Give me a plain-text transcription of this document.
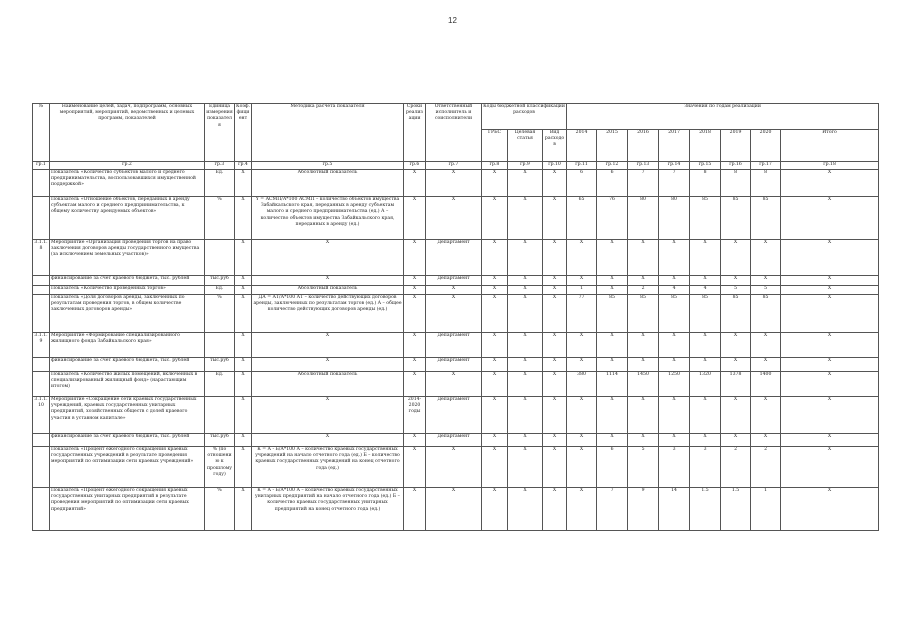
12
№	Наименование целей, задач, подпрограмм, основных мероприятий, мероприятий, ведомственных и целевых программ, показателей	Единица измерения показателя	Коэф. фициент	Методика расчета показателя	Сроки реализации	Ответственный исполнитель и соисполнители	Коды бюджетной классификации расходов			Значения по годам реализации							
							ГРБС	Целевая статья	Вид расходов	2014	2015	2016	2017	2018	2019	2020	Итого
гр.1	гр.2	гр.3	гр.4	гр.5	гр.6	гр.7	гр.8	гр.9	гр.10	гр.11	гр.12	гр.13	гр.14	гр.15	гр.16	гр.17	гр.18
	Показатель «Количество субъектов малого и среднего предпринимательства, воспользовавшихся имущественной поддержкой»	Ед.	X	Абсолютный показатель	X	X	X	X	X	6	6	7	7	8	8	8	X
	Показатель «Отношение объектов, переданных в аренду субъектам малого и среднего предпринимательства, к общему количеству арендуемых объектов»	%	X	Y = АСМП/А*100 АСМП – количество объектов имущества Забайкальского края, переданных в аренду субъектам малого и среднего предпринимательства (ед.) А – количество объектов имущества Забайкальского края, переданных в аренду (ед.)	X	X	X	X	X	65	76	80	80	85	85	85	X
3.1.1.8	Мероприятие «Организация проведения торгов на право заключения договоров аренды государственного имущества (за исключением земельных участков)»		X	X	X	Департамент	X	X	X	X	X	X	X	X	X	X	X
	финансирование за счет краевого бюджета, тыс. рублей	тыс.руб	X	X	X	Департамент	X	X	X	X	X	X	X	X	X	X	X
	Показатель «Количество проведенных торгов»	Ед.	X	Абсолютный показатель	X	X	X	X	X	1	X	2	4	4	5	5	X
	Показатель «Доля договоров аренды, заключенных по результатам проведения торгов, в общем количестве заключенных договоров аренды»	%	X	ДА = АТ/А*100 АТ – количество действующих договоров аренды, заключенных по результатам торгов (ед.) А – общее количество действующих договоров аренды (ед.)	X	X	X	X	X	77	85	85	85	85	85	85	X
3.1.1.9	Мероприятие «Формирование специализированного жилищного фонда Забайкальского края»		X	X	X	Департамент	X	X	X	X	X	X	X	X	X	X	X
	финансирование за счет краевого бюджета, тыс. рублей	тыс.руб	X	X	X	Департамент	X	X	X	X	X	X	X	X	X	X	X
	Показатель «Количество жилых помещений, включенных в специализированный жилищный фонд» (нарастающим итогом)	Ед.	X	Абсолютный показатель	X	X	X	X	X	380	1114	1450	1250	1320	1378	1400	X
3.1.1.10	Мероприятие «Сокращение сети краевых государственных учреждений, краевых государственных унитарных предприятий, хозяйственных обществ с долей краевого участия в уставном капитале»		X	X	2014-2020 годы	Департамент	X	X	X	X	X	X	X	X	X	X	X
	финансирование за счет краевого бюджета, тыс. рублей	тыс.руб	X	X	X	Департамент	X	X	X	X	X	X	X	X	X	X	X
	Показатель «Процент ежегодного сокращения краевых государственных учреждений в результате проведения мероприятий по оптимизации сети краевых учреждений»	% (по отношению к прошлому году)	X	К = А - Б/А*100 А – количество краевых государственных учреждений на начало отчетного года (ед.) Б – количество краевых государственных учреждений на конец отчетного года (ед.)	X	X	X	X	X	X	6	5	3	3	2	2	X
	Показатель «Процент ежегодного сокращения краевых государственных унитарных предприятий в результате проведения мероприятий по оптимизации сети краевых предприятий»	%	X	К = А - Б/А*100 А – количество краевых государственных унитарных предприятий на начало отчетного года (ед.) Б – количество краевых государственных унитарных предприятий на конец отчетного года (ед.)	X	X	X	X	X	X	7	9	14	1.5	1.5	1	X
